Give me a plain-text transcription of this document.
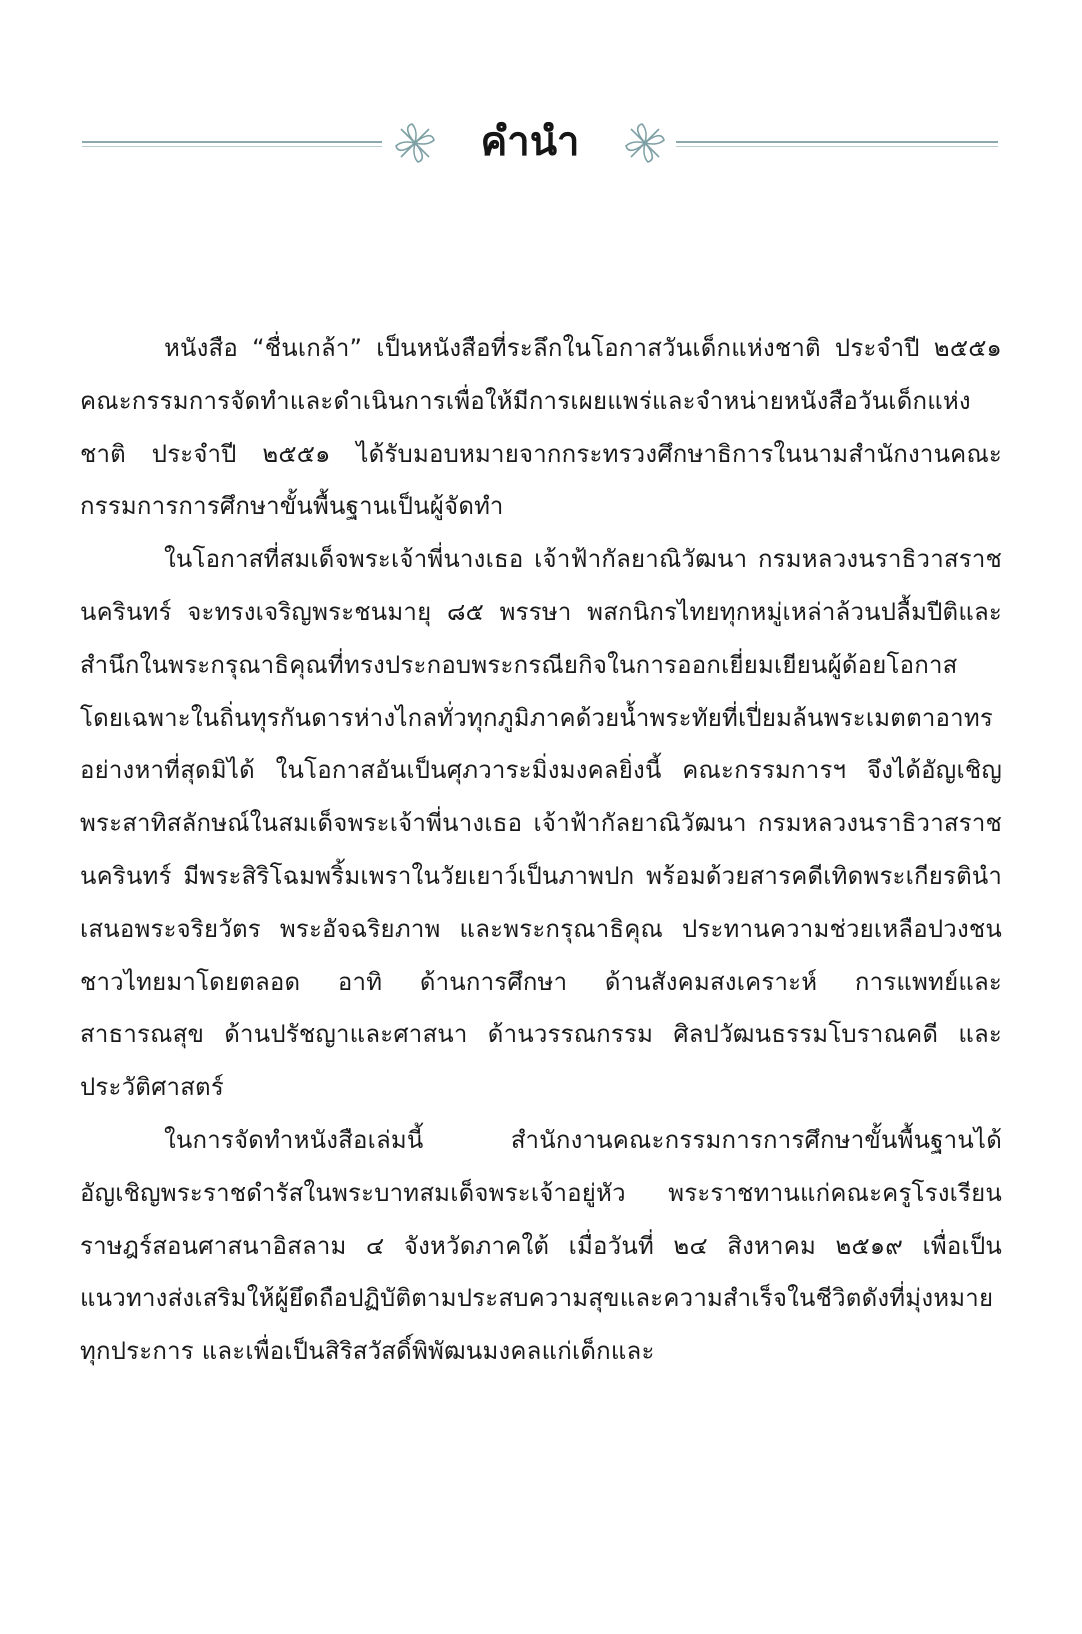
คำนำ

หนังสือ “ชื่นเกล้า” เป็นหนังสือที่ระลึกในโอกาสวันเด็กแห่งชาติ ประจำปี ๒๕๕๑ คณะกรรมการจัดทำและดำเนินการเพื่อให้มีการเผยแพร่และจำหน่ายหนังสือวันเด็กแห่งชาติ ประจำปี ๒๕๕๑ ได้รับมอบหมายจากกระทรวงศึกษาธิการในนามสำนักงานคณะกรรมการการศึกษาขั้นพื้นฐานเป็นผู้จัดทำ

ในโอกาสที่สมเด็จพระเจ้าพี่นางเธอ เจ้าฟ้ากัลยาณิวัฒนา กรมหลวงนราธิวาสราชนครินทร์ จะทรงเจริญพระชนมายุ ๘๕ พรรษา พสกนิกรไทยทุกหมู่เหล่าล้วนปลื้มปีติและสำนึกในพระกรุณาธิคุณที่ทรงประกอบพระกรณียกิจในการออกเยี่ยมเยียนผู้ด้อยโอกาส โดยเฉพาะในถิ่นทุรกันดารห่างไกลทั่วทุกภูมิภาคด้วยน้ำพระทัยที่เปี่ยมล้นพระเมตตาอาทรอย่างหาที่สุดมิได้ ในโอกาสอันเป็นศุภวาระมิ่งมงคลยิ่งนี้ คณะกรรมการฯ จึงได้อัญเชิญพระสาทิสลักษณ์ในสมเด็จพระเจ้าพี่นางเธอ เจ้าฟ้ากัลยาณิวัฒนา กรมหลวงนราธิวาสราชนครินทร์ มีพระสิริโฉมพริ้มเพราในวัยเยาว์เป็นภาพปก พร้อมด้วยสารคดีเทิดพระเกียรตินำเสนอพระจริยวัตร พระอัจฉริยภาพ และพระกรุณาธิคุณ ประทานความช่วยเหลือปวงชนชาวไทยมาโดยตลอด อาทิ ด้านการศึกษา ด้านสังคมสงเคราะห์ การแพทย์และสาธารณสุข ด้านปรัชญาและศาสนา ด้านวรรณกรรม ศิลปวัฒนธรรมโบราณคดี และประวัติศาสตร์

ในการจัดทำหนังสือเล่มนี้ สำนักงานคณะกรรมการการศึกษาขั้นพื้นฐานได้อัญเชิญพระราชดำรัสในพระบาทสมเด็จพระเจ้าอยู่หัว พระราชทานแก่คณะครูโรงเรียนราษฎร์สอนศาสนาอิสลาม ๔ จังหวัดภาคใต้ เมื่อวันที่ ๒๔ สิงหาคม ๒๕๑๙ เพื่อเป็นแนวทางส่งเสริมให้ผู้ยึดถือปฏิบัติตามประสบความสุขและความสำเร็จในชีวิตดังที่มุ่งหมายทุกประการ และเพื่อเป็นสิริสวัสดิ์พิพัฒนมงคลแก่เด็กและ
